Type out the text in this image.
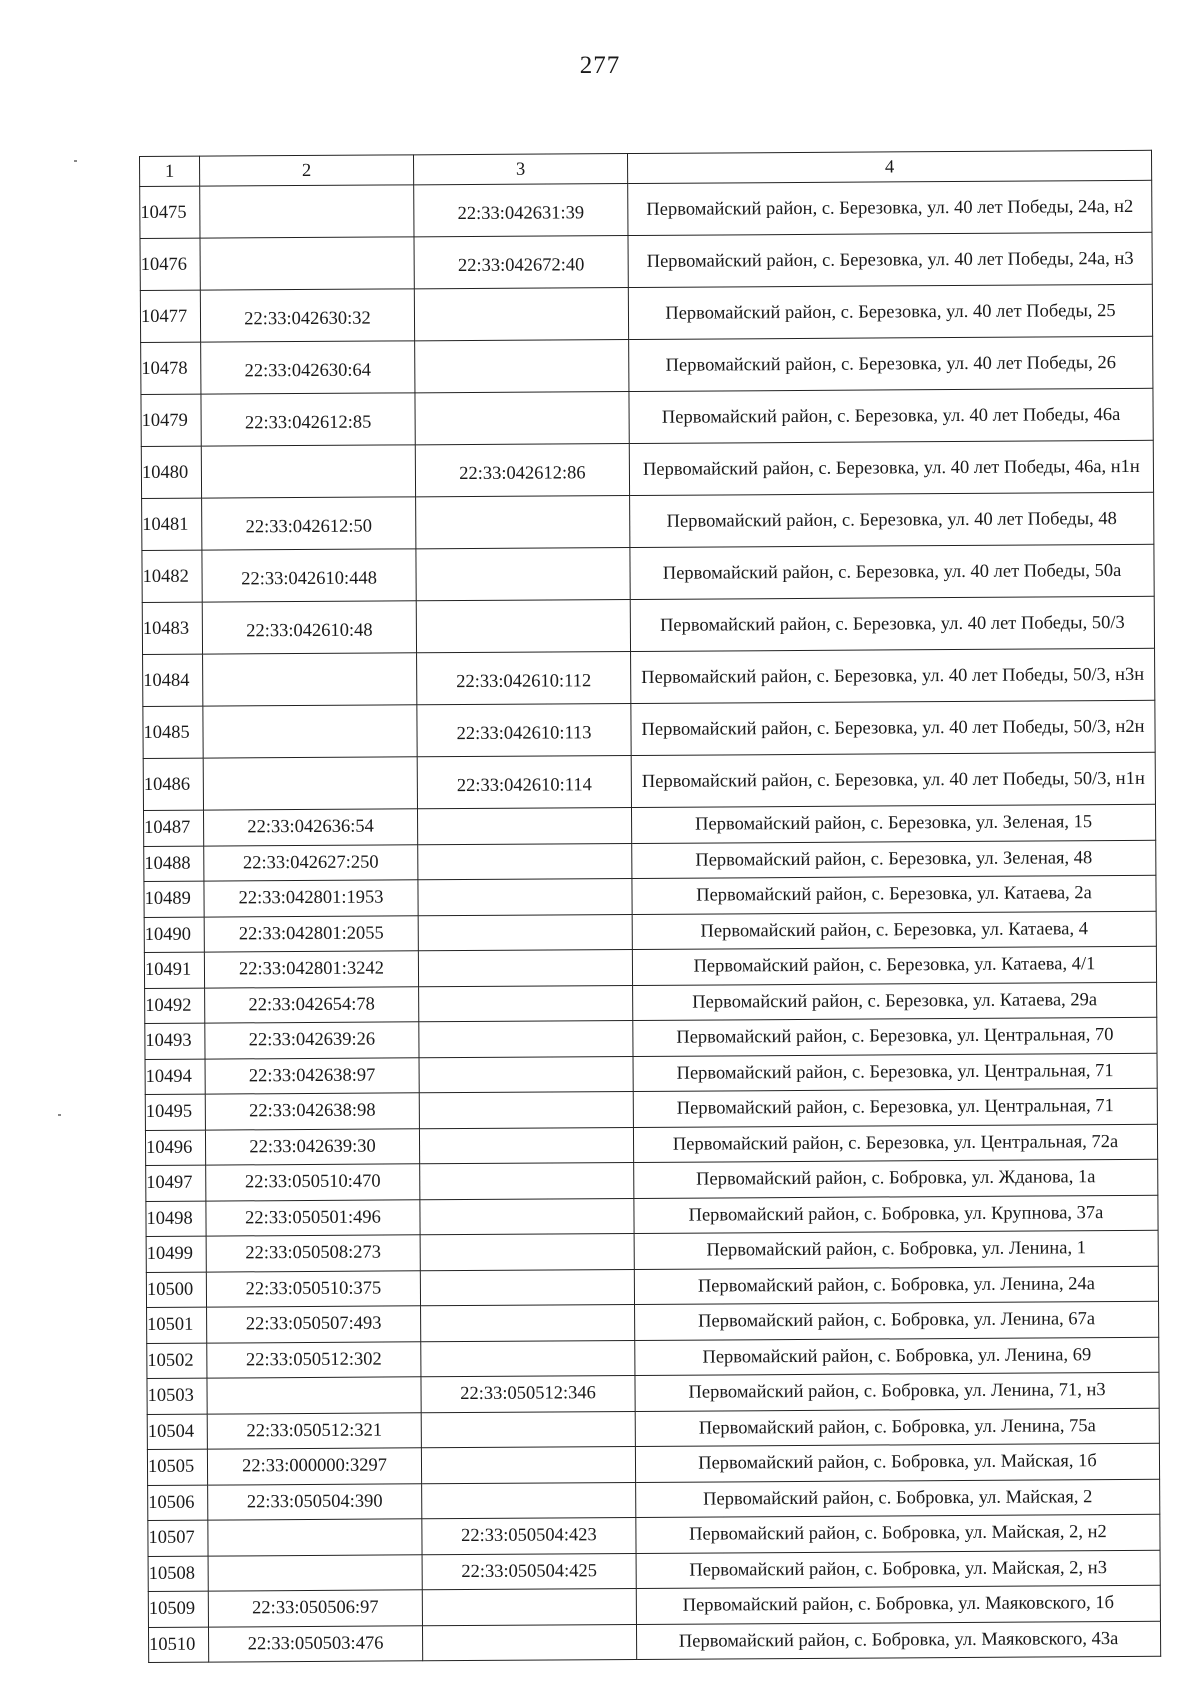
277
1	2	3	4
10475		22:33:042631:39	Первомайский район, с. Березовка, ул. 40 лет Победы, 24а, н2
10476		22:33:042672:40	Первомайский район, с. Березовка, ул. 40 лет Победы, 24а, н3
10477	22:33:042630:32		Первомайский район, с. Березовка, ул. 40 лет Победы, 25
10478	22:33:042630:64		Первомайский район, с. Березовка, ул. 40 лет Победы, 26
10479	22:33:042612:85		Первомайский район, с. Березовка, ул. 40 лет Победы, 46а
10480		22:33:042612:86	Первомайский район, с. Березовка, ул. 40 лет Победы, 46а, н1н
10481	22:33:042612:50		Первомайский район, с. Березовка, ул. 40 лет Победы, 48
10482	22:33:042610:448		Первомайский район, с. Березовка, ул. 40 лет Победы, 50а
10483	22:33:042610:48		Первомайский район, с. Березовка, ул. 40 лет Победы, 50/3
10484		22:33:042610:112	Первомайский район, с. Березовка, ул. 40 лет Победы, 50/3, н3н
10485		22:33:042610:113	Первомайский район, с. Березовка, ул. 40 лет Победы, 50/3, н2н
10486		22:33:042610:114	Первомайский район, с. Березовка, ул. 40 лет Победы, 50/3, н1н
10487	22:33:042636:54		Первомайский район, с. Березовка, ул. Зеленая, 15
10488	22:33:042627:250		Первомайский район, с. Березовка, ул. Зеленая, 48
10489	22:33:042801:1953		Первомайский район, с. Березовка, ул. Катаева, 2а
10490	22:33:042801:2055		Первомайский район, с. Березовка, ул. Катаева, 4
10491	22:33:042801:3242		Первомайский район, с. Березовка, ул. Катаева, 4/1
10492	22:33:042654:78		Первомайский район, с. Березовка, ул. Катаева, 29а
10493	22:33:042639:26		Первомайский район, с. Березовка, ул. Центральная, 70
10494	22:33:042638:97		Первомайский район, с. Березовка, ул. Центральная, 71
10495	22:33:042638:98		Первомайский район, с. Березовка, ул. Центральная, 71
10496	22:33:042639:30		Первомайский район, с. Березовка, ул. Центральная, 72а
10497	22:33:050510:470		Первомайский район, с. Бобровка, ул. Жданова, 1а
10498	22:33:050501:496		Первомайский район, с. Бобровка, ул. Крупнова, 37а
10499	22:33:050508:273		Первомайский район, с. Бобровка, ул. Ленина, 1
10500	22:33:050510:375		Первомайский район, с. Бобровка, ул. Ленина, 24а
10501	22:33:050507:493		Первомайский район, с. Бобровка, ул. Ленина, 67а
10502	22:33:050512:302		Первомайский район, с. Бобровка, ул. Ленина, 69
10503		22:33:050512:346	Первомайский район, с. Бобровка, ул. Ленина, 71, н3
10504	22:33:050512:321		Первомайский район, с. Бобровка, ул. Ленина, 75а
10505	22:33:000000:3297		Первомайский район, с. Бобровка, ул. Майская, 1б
10506	22:33:050504:390		Первомайский район, с. Бобровка, ул. Майская, 2
10507		22:33:050504:423	Первомайский район, с. Бобровка, ул. Майская, 2, н2
10508		22:33:050504:425	Первомайский район, с. Бобровка, ул. Майская, 2, н3
10509	22:33:050506:97		Первомайский район, с. Бобровка, ул. Маяковского, 1б
10510	22:33:050503:476		Первомайский район, с. Бобровка, ул. Маяковского, 43а
